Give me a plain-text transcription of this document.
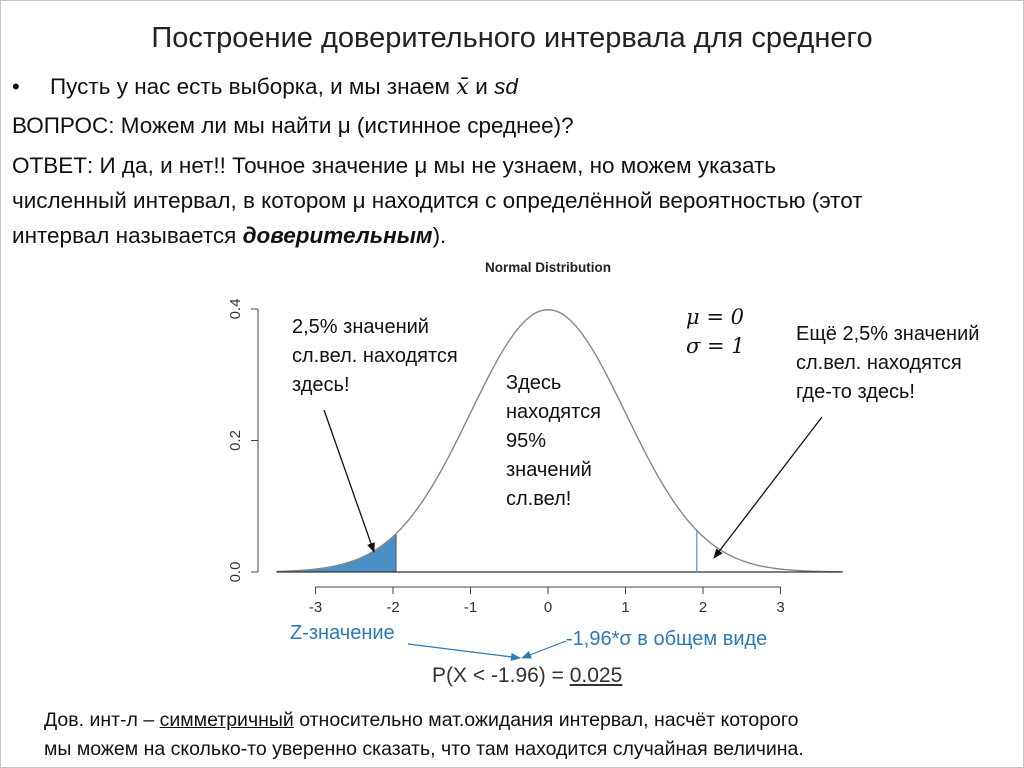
Построение доверительного интервала для среднего
• Пусть у нас есть выборка, и мы знаем x̄ и sd
ВОПРОС: Можем ли мы найти μ (истинное среднее)?
ОТВЕТ: И да, и нет!! Точное значение μ мы не узнаем, но можем указать
численный интервал, в котором μ находится с определённой вероятностью (этот
интервал называется доверительным).
Normal Distribution
-3	-2	-1	0	1	2	3
0.0
0.2
0.4
2,5% значений
сл.вел. находятся
здесь!	Здесь
находятся
95%
значений
сл.вел!
μ = 0
σ = 1	Ещё 2,5% значений
сл.вел. находятся
где-то здесь!
Z-значение	-1,96*σ в общем виде
P(X < -1.96) = 0.025
Дов. инт-л – симметричный относительно мат.ожидания интервал, насчёт которого
мы можем на сколько-то уверенно сказать, что там находится случайная величина.
